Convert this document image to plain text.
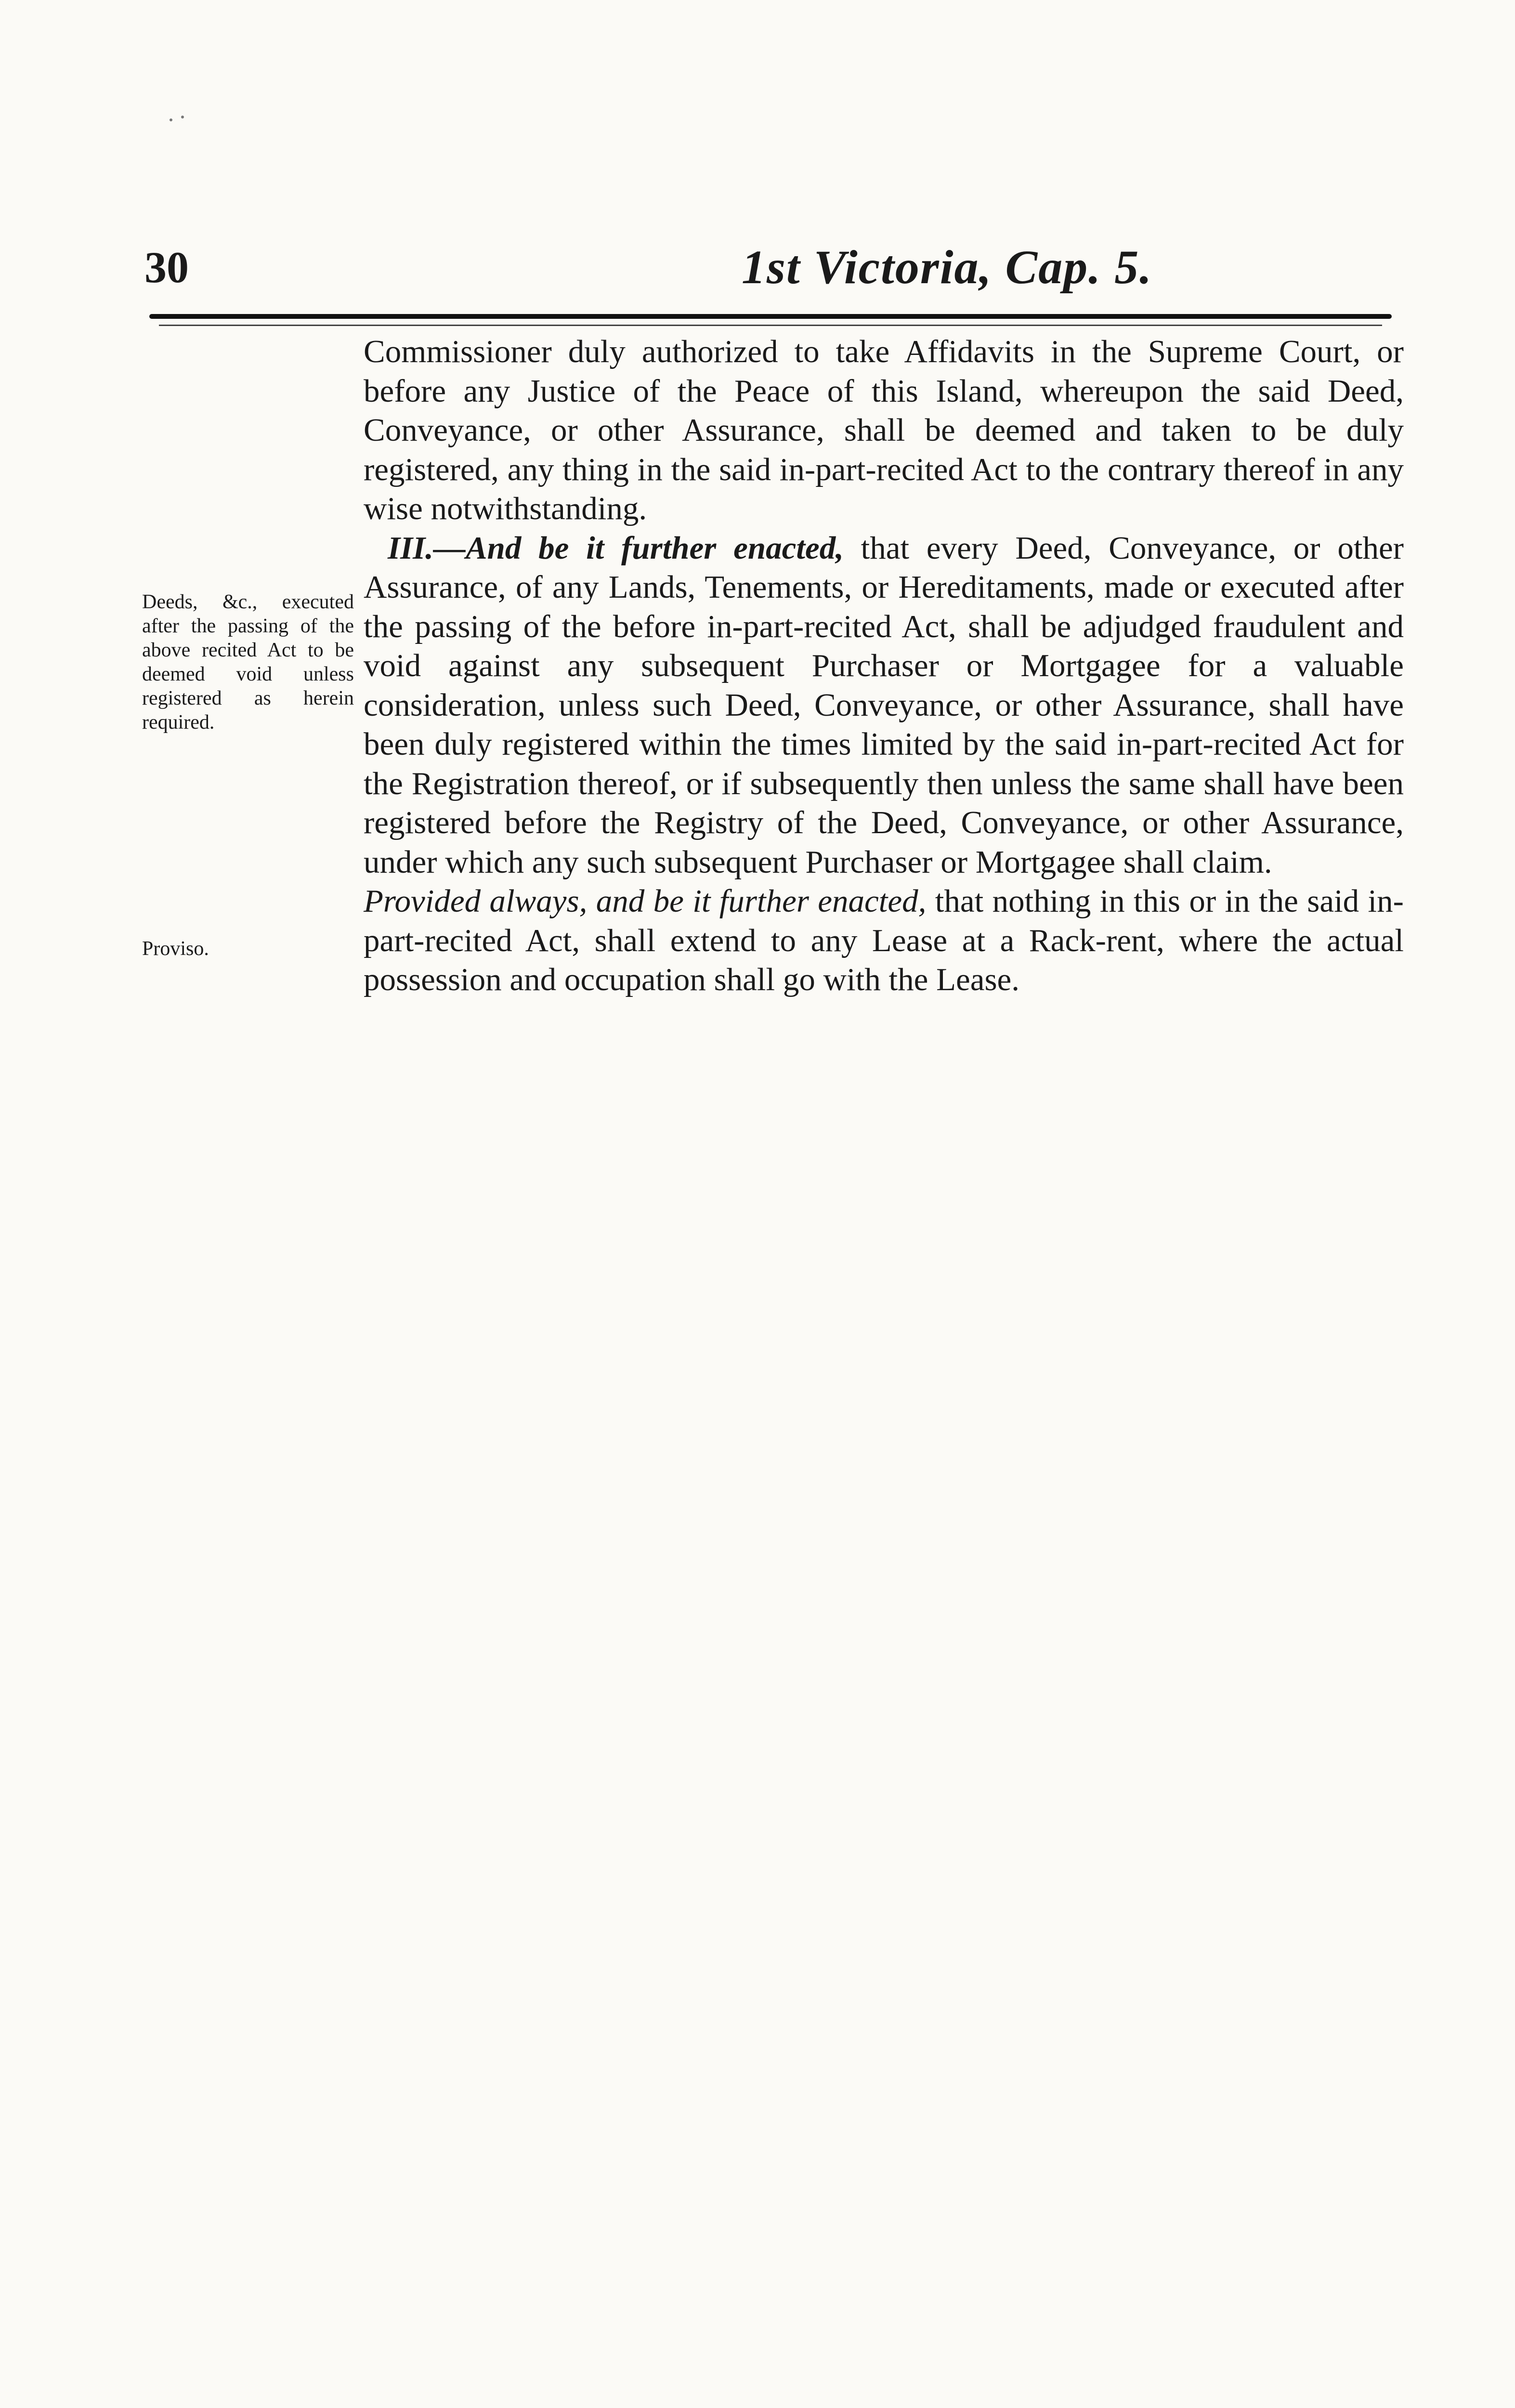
30	1st Victoria, Cap. 5.
Deeds, &c., executed after the passing of the above recited Act to be deemed void unless registered as herein required.
Proviso.

Commissioner duly authorized to take Affidavits in the Supreme Court, or before any Justice of the Peace of this Island, whereupon the said Deed, Conveyance, or other Assurance, shall be deemed and taken to be duly registered, any thing in the said in-part-recited Act to the contrary thereof in any wise notwithstanding.

III.—And be it further enacted, that every Deed, Conveyance, or other Assurance, of any Lands, Tenements, or Hereditaments, made or executed after the passing of the before in-part-recited Act, shall be adjudged fraudulent and void against any subsequent Purchaser or Mortgagee for a valuable consideration, unless such Deed, Conveyance, or other Assurance, shall have been duly registered within the times limited by the said in-part-recited Act for the Registration thereof, or if subsequently then unless the same shall have been registered before the Registry of the Deed, Conveyance, or other Assurance, under which any such subsequent Purchaser or Mortgagee shall claim.

Provided always, and be it further enacted, that nothing in this or in the said in-part-recited Act, shall extend to any Lease at a Rack-rent, where the actual possession and occupation shall go with the Lease.
